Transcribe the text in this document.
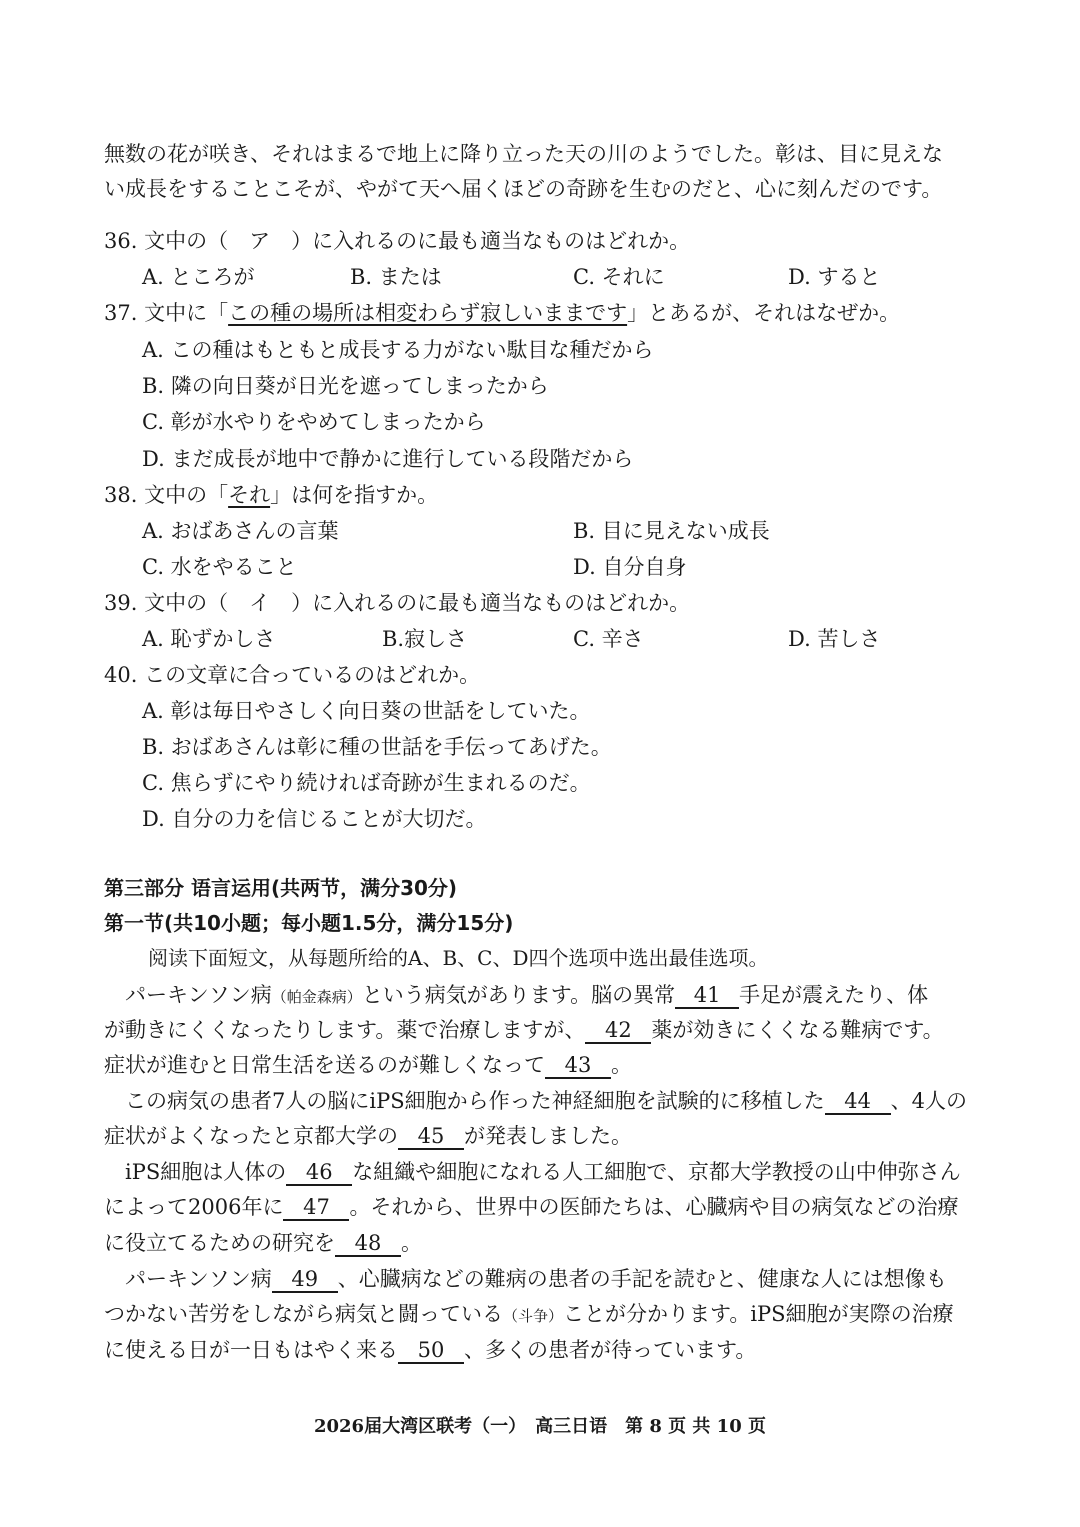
無数の花が咲き、それはまるで地上に降り立った天の川のようでした。彰は、目に見えな
い成長をすることこそが、やがて天へ届くほどの奇跡を生むのだと、心に刻んだのです。
36. 文中の（　ア　）に入れるのに最も適当なものはどれか。
A. ところが	B. または	C. それに	D. すると
37. 文中に「この種の場所は相変わらず寂しいままです」とあるが、それはなぜか。
A. この種はもともと成長する力がない駄目な種だから
B. 隣の向日葵が日光を遮ってしまったから
C. 彰が水やりをやめてしまったから
D. まだ成長が地中で静かに進行している段階だから
38. 文中の「それ」は何を指すか。
A. おばあさんの言葉	B. 目に見えない成長
C. 水をやること	D. 自分自身
39. 文中の（　イ　）に入れるのに最も適当なものはどれか。
A. 恥ずかしさ	B.寂しさ	C. 辛さ	D. 苦しさ
40. この文章に合っているのはどれか。
A. 彰は毎日やさしく向日葵の世話をしていた。
B. おばあさんは彰に種の世話を手伝ってあげた。
C. 焦らずにやり続ければ奇跡が生まれるのだ。
D. 自分の力を信じることが大切だ。
第三部分 语言运用(共两节，满分30分)
第一节(共10小题；每小题1.5分，满分15分)
阅读下面短文，从每题所给的A、B、C、D四个选项中选出最佳选项。
パーキンソン病（帕金森病）という病気があります。脳の異常 41 手足が震えたり、体
が動きにくくなったりします。薬で治療しますが、 42 薬が効きにくくなる難病です。
症状が進むと日常生活を送るのが難しくなって 43 。
この病気の患者7人の脳にiPS細胞から作った神経細胞を試験的に移植した 44 、4人の
症状がよくなったと京都大学の 45 が発表しました。
iPS細胞は人体の 46 な組織や細胞になれる人工細胞で、京都大学教授の山中伸弥さん
によって2006年に 47 。それから、世界中の医師たちは、心臓病や目の病気などの治療
に役立てるための研究を 48 。
パーキンソン病 49 、心臓病などの難病の患者の手記を読むと、健康な人には想像も
つかない苦労をしながら病気と闘っている（斗争）ことが分かります。iPS細胞が実際の治療
に使える日が一日もはやく来る 50 、多くの患者が待っています。
2026届大湾区联考（一）　高三日语　第 8 页 共 10 页
